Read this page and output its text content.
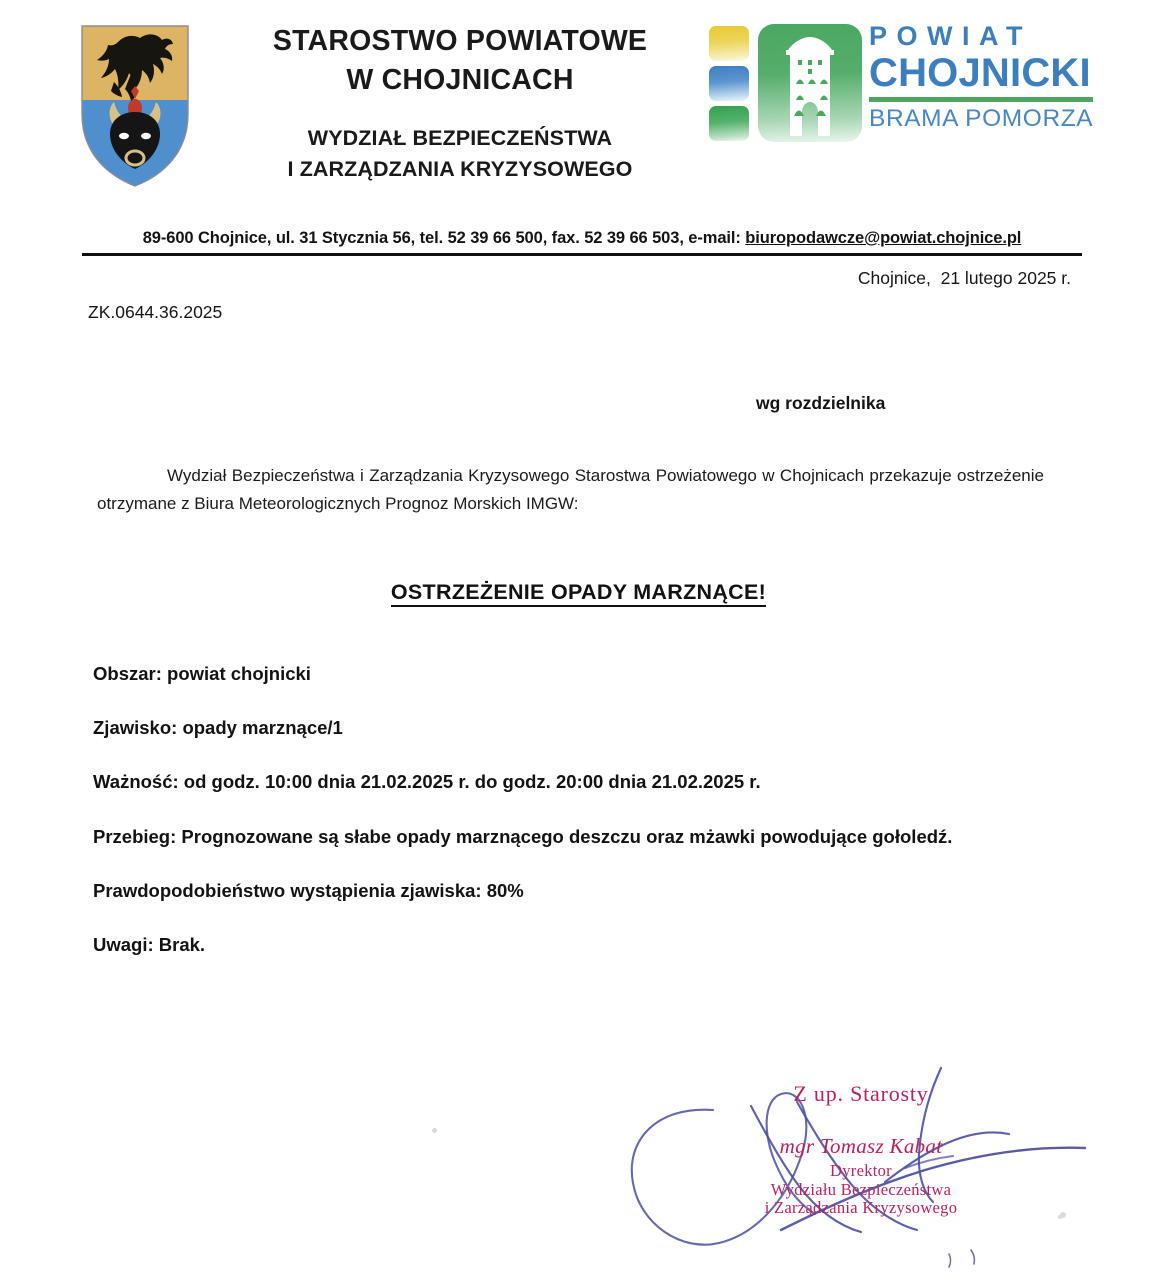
STAROSTWO POWIATOWE
W CHOJNICACH
WYDZIAŁ BEZPIECZEŃSTWA
I ZARZĄDZANIA KRYZYSOWEGO
POWIAT
CHOJNICKI
BRAMA POMORZA
89-600 Chojnice, ul. 31 Stycznia 56, tel. 52 39 66 500, fax. 52 39 66 503, e-mail: biuropodawcze@powiat.chojnice.pl
Chojnice,  21 lutego 2025 r.
ZK.0644.36.2025
wg rozdzielnika
Wydział Bezpieczeństwa i Zarządzania Kryzysowego Starostwa Powiatowego w Chojnicach przekazuje ostrzeżenie otrzymane z Biura Meteorologicznych Prognoz Morskich IMGW:
OSTRZEŻENIE OPADY MARZNĄCE!
Obszar: powiat chojnicki
Zjawisko: opady marznące/1
Ważność: od godz. 10:00 dnia 21.02.2025 r. do godz. 20:00 dnia 21.02.2025 r.
Przebieg: Prognozowane są słabe opady marznącego deszczu oraz mżawki powodujące gołoledź.
Prawdopodobieństwo wystąpienia zjawiska: 80%
Uwagi: Brak.
Z up. Starosty
mgr Tomasz Kabat
Dyrektor
Wydziału Bezpieczeństwa
i Zarządzania Kryzysowego
